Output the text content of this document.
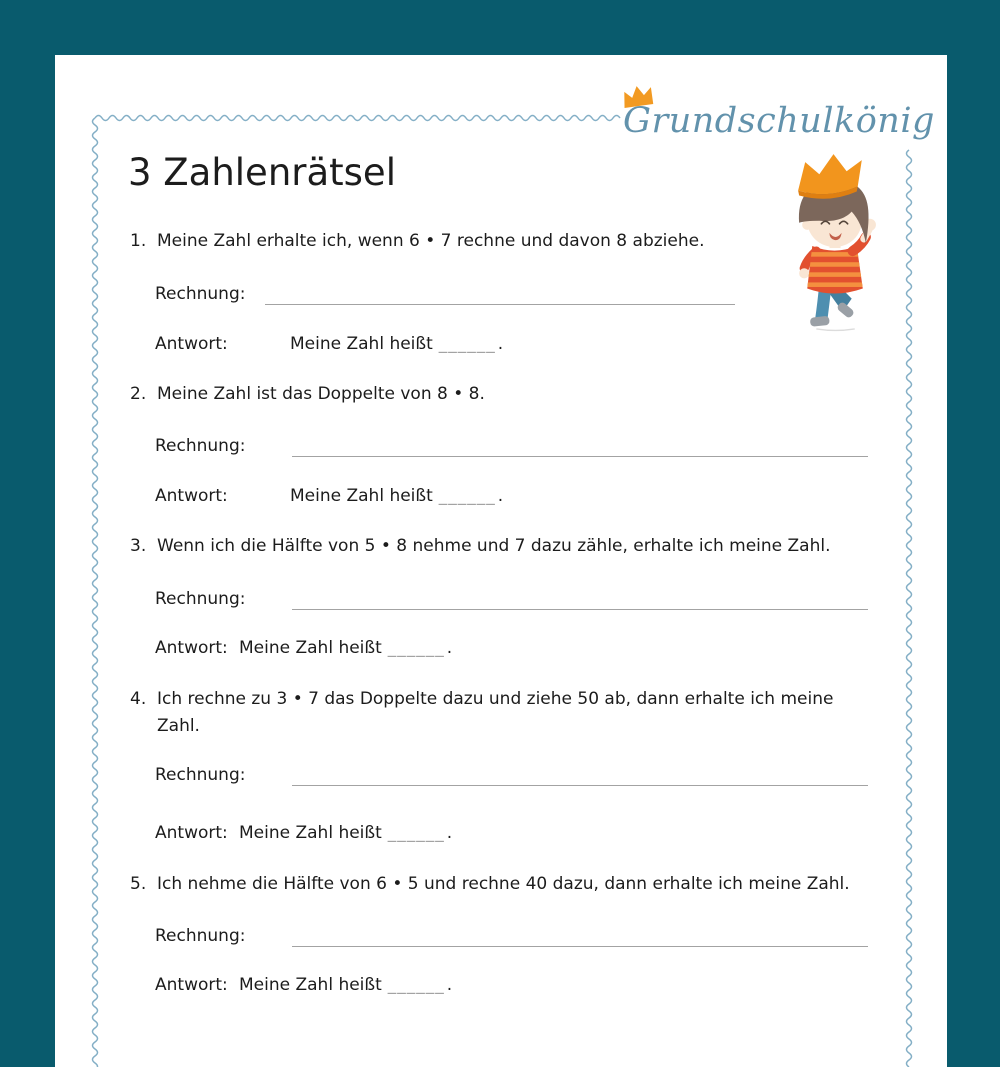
Grundschulkönig
3 Zahlenrätsel
1. Meine Zahl erhalte ich, wenn 6 • 7 rechne und davon 8 abziehe.
Rechnung:
Antwort:	Meine Zahl heißt ______ .
2. Meine Zahl ist das Doppelte von 8 • 8.
Rechnung:
Antwort:	Meine Zahl heißt ______ .
3. Wenn ich die Hälfte von 5 • 8 nehme und 7 dazu zähle, erhalte ich meine Zahl.
Rechnung:
Antwort: Meine Zahl heißt ______ .
4. Ich rechne zu 3 • 7 das Doppelte dazu und ziehe 50 ab, dann erhalte ich meine
Zahl.
Rechnung:
Antwort: Meine Zahl heißt ______ .
5. Ich nehme die Hälfte von 6 • 5 und rechne 40 dazu, dann erhalte ich meine Zahl.
Rechnung:
Antwort: Meine Zahl heißt ______ .
